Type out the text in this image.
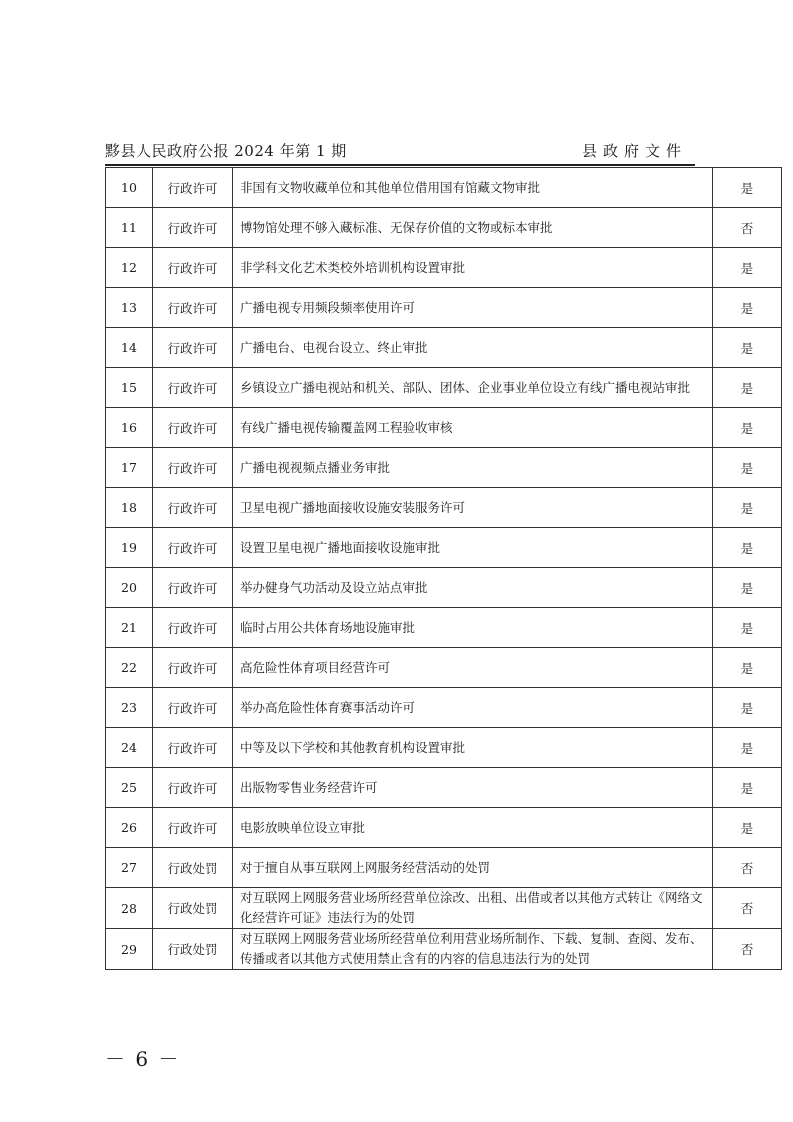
黟县人民政府公报 2024 年第 1 期	县政府文件
10	行政许可	非国有文物收藏单位和其他单位借用国有馆藏文物审批	是
11	行政许可	博物馆处理不够入藏标准、无保存价值的文物或标本审批	否
12	行政许可	非学科文化艺术类校外培训机构设置审批	是
13	行政许可	广播电视专用频段频率使用许可	是
14	行政许可	广播电台、电视台设立、终止审批	是
15	行政许可	乡镇设立广播电视站和机关、部队、团体、企业事业单位设立有线广播电视站审批	是
16	行政许可	有线广播电视传输覆盖网工程验收审核	是
17	行政许可	广播电视视频点播业务审批	是
18	行政许可	卫星电视广播地面接收设施安装服务许可	是
19	行政许可	设置卫星电视广播地面接收设施审批	是
20	行政许可	举办健身气功活动及设立站点审批	是
21	行政许可	临时占用公共体育场地设施审批	是
22	行政许可	高危险性体育项目经营许可	是
23	行政许可	举办高危险性体育赛事活动许可	是
24	行政许可	中等及以下学校和其他教育机构设置审批	是
25	行政许可	出版物零售业务经营许可	是
26	行政许可	电影放映单位设立审批	是
27	行政处罚	对于擅自从事互联网上网服务经营活动的处罚	否
28	行政处罚	对互联网上网服务营业场所经营单位涂改、出租、出借或者以其他方式转让《网络文化经营许可证》违法行为的处罚	否
29	行政处罚	对互联网上网服务营业场所经营单位利用营业场所制作、下载、复制、查阅、发布、传播或者以其他方式使用禁止含有的内容的信息违法行为的处罚	否
－ 6 －
